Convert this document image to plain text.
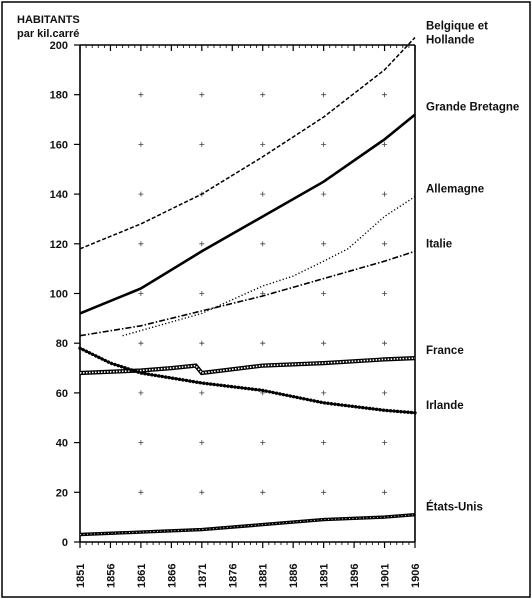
HABITANTS
par kil.carré
0
20
40
60
80
100
120
140
160
180
200
1851 1856 1861 1866 1871 1876 1881 1886 1891 1896 1901 1906
Belgique et
Hollande
Grande Bretagne
Allemagne
Italie
France
Irlande
États-Unis
